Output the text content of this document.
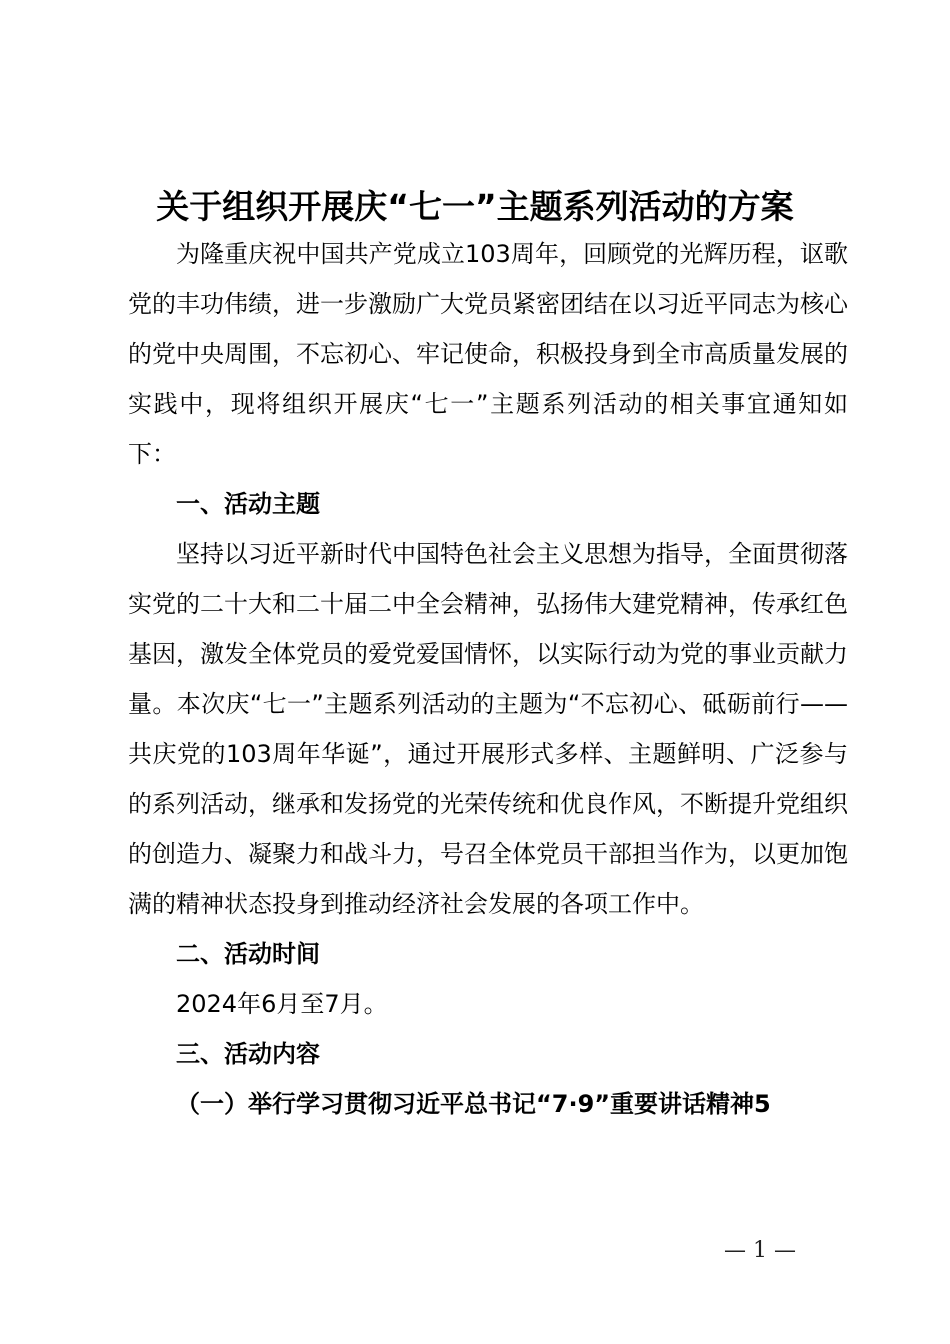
关于组织开展庆“七一”主题系列活动的方案

为隆重庆祝中国共产党成立103周年，回顾党的光辉历程，讴歌党的丰功伟绩，进一步激励广大党员紧密团结在以习近平同志为核心的党中央周围，不忘初心、牢记使命，积极投身到全市高质量发展的实践中，现将组织开展庆“七一”主题系列活动的相关事宜通知如下：

一、活动主题

坚持以习近平新时代中国特色社会主义思想为指导，全面贯彻落实党的二十大和二十届二中全会精神，弘扬伟大建党精神，传承红色基因，激发全体党员的爱党爱国情怀，以实际行动为党的事业贡献力量。本次庆“七一”主题系列活动的主题为“不忘初心、砥砺前行——共庆党的103周年华诞”，通过开展形式多样、主题鲜明、广泛参与的系列活动，继承和发扬党的光荣传统和优良作风，不断提升党组织的创造力、凝聚力和战斗力，号召全体党员干部担当作为，以更加饱满的精神状态投身到推动经济社会发展的各项工作中。

二、活动时间

2024年6月至7月。

三、活动内容

（一）举行学习贯彻习近平总书记“7·9”重要讲话精神5

— 1 —
